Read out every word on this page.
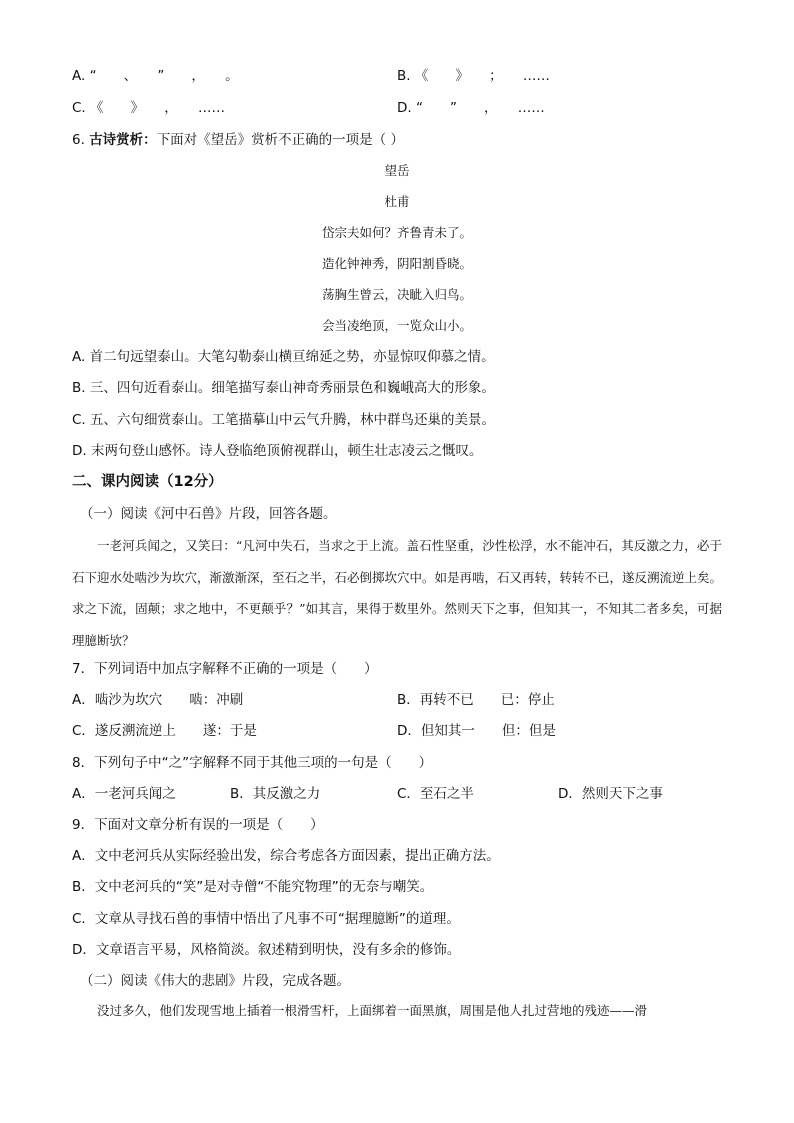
A. “　　、　　”　　，　　。	B. 《　　》　　；　　……
C. 《　　》　　，　　……	D. “　　”　　，　　……
6. 古诗赏析：下面对《望岳》赏析不正确的一项是（ ）
望岳
杜甫
岱宗夫如何？齐鲁青未了。
造化钟神秀，阴阳割昏晓。
荡胸生曾云，决眦入归鸟。
会当凌绝顶，一览众山小。
A. 首二句远望泰山。大笔勾勒泰山横亘绵延之势，亦显惊叹仰慕之情。
B. 三、四句近看泰山。细笔描写泰山神奇秀丽景色和巍峨高大的形象。
C. 五、六句细赏泰山。工笔描摹山中云气升腾，林中群鸟还巢的美景。
D. 末两句登山感怀。诗人登临绝顶俯视群山，顿生壮志凌云之慨叹。
二、课内阅读（12分）
（一）阅读《河中石兽》片段，回答各题。

一老河兵闻之，又笑曰：“凡河中失石，当求之于上流。盖石性坚重，沙性松浮，水不能冲石，其反激之力，必于石下迎水处啮沙为坎穴，渐激渐深，至石之半，石必倒掷坎穴中。如是再啮，石又再转，转转不已，遂反溯流逆上矣。求之下流，固颠；求之地中，不更颠乎？”如其言，果得于数里外。然则天下之事，但知其一，不知其二者多矣，可据理臆断欤？

7．下列词语中加点字解释不正确的一项是（　　）
A．啮沙为坎穴　　啮：冲刷	B．再转不已　　已：停止
C．遂反溯流逆上　　遂：于是	D．但知其一　　但：但是
8．下列句子中“之”字解释不同于其他三项的一句是（　　）
A．一老河兵闻之	B．其反激之力	C．至石之半	D．然则天下之事
9．下面对文章分析有误的一项是（　　）
A．文中老河兵从实际经验出发，综合考虑各方面因素，提出正确方法。
B．文中老河兵的“笑”是对寺僧“不能究物理”的无奈与嘲笑。
C．文章从寻找石兽的事情中悟出了凡事不可“据理臆断”的道理。
D．文章语言平易，风格简淡。叙述精到明快，没有多余的修饰。
（二）阅读《伟大的悲剧》片段，完成各题。
没过多久，他们发现雪地上插着一根滑雪杆，上面绑着一面黑旗，周围是他人扎过营地的残迹——滑
